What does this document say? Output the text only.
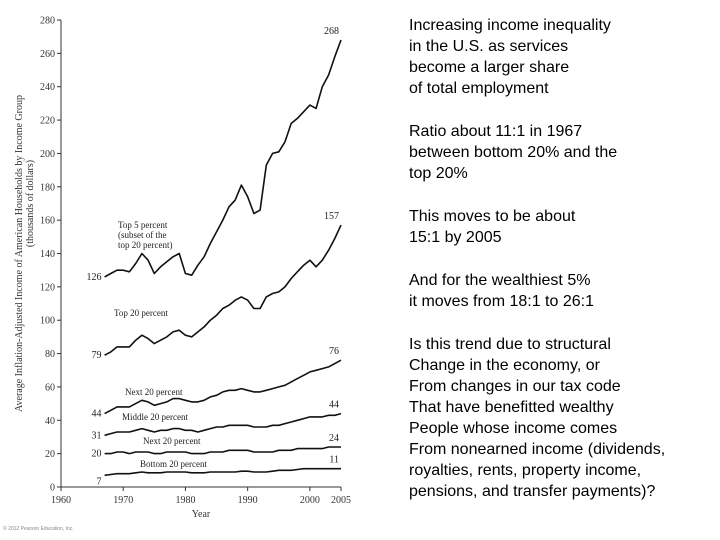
0
20
40
60
80
100
120
140
160
180
200
220
240
260
280
1960	1970	1980	1990	2000 2005
Average Inflation-Adjusted Income of American Households by Income Group (thousands of dollars)
Year
126
268
Top 5 percent
(subset of the
top 20 percent)
79
157
Top 20 percent
44
76
Next 20 percent
31
44
Middle 20 percent
20
24
Next 20 percent
7
11
Bottom 20 percent

Increasing income inequality
in the U.S. as services
become a larger share
of total employment

Ratio about 11:1 in 1967
between bottom 20% and the
top 20%

This moves to be about
15:1 by 2005

And for the wealthiest 5%
it moves from 18:1 to 26:1

Is this trend due to structural
Change in the economy, or
From changes in our tax code
That have benefitted wealthy
People whose income comes
From nonearned income (dividends,
royalties, rents, property income,
pensions, and transfer payments)?

© 2012 Pearson Education, Inc.
